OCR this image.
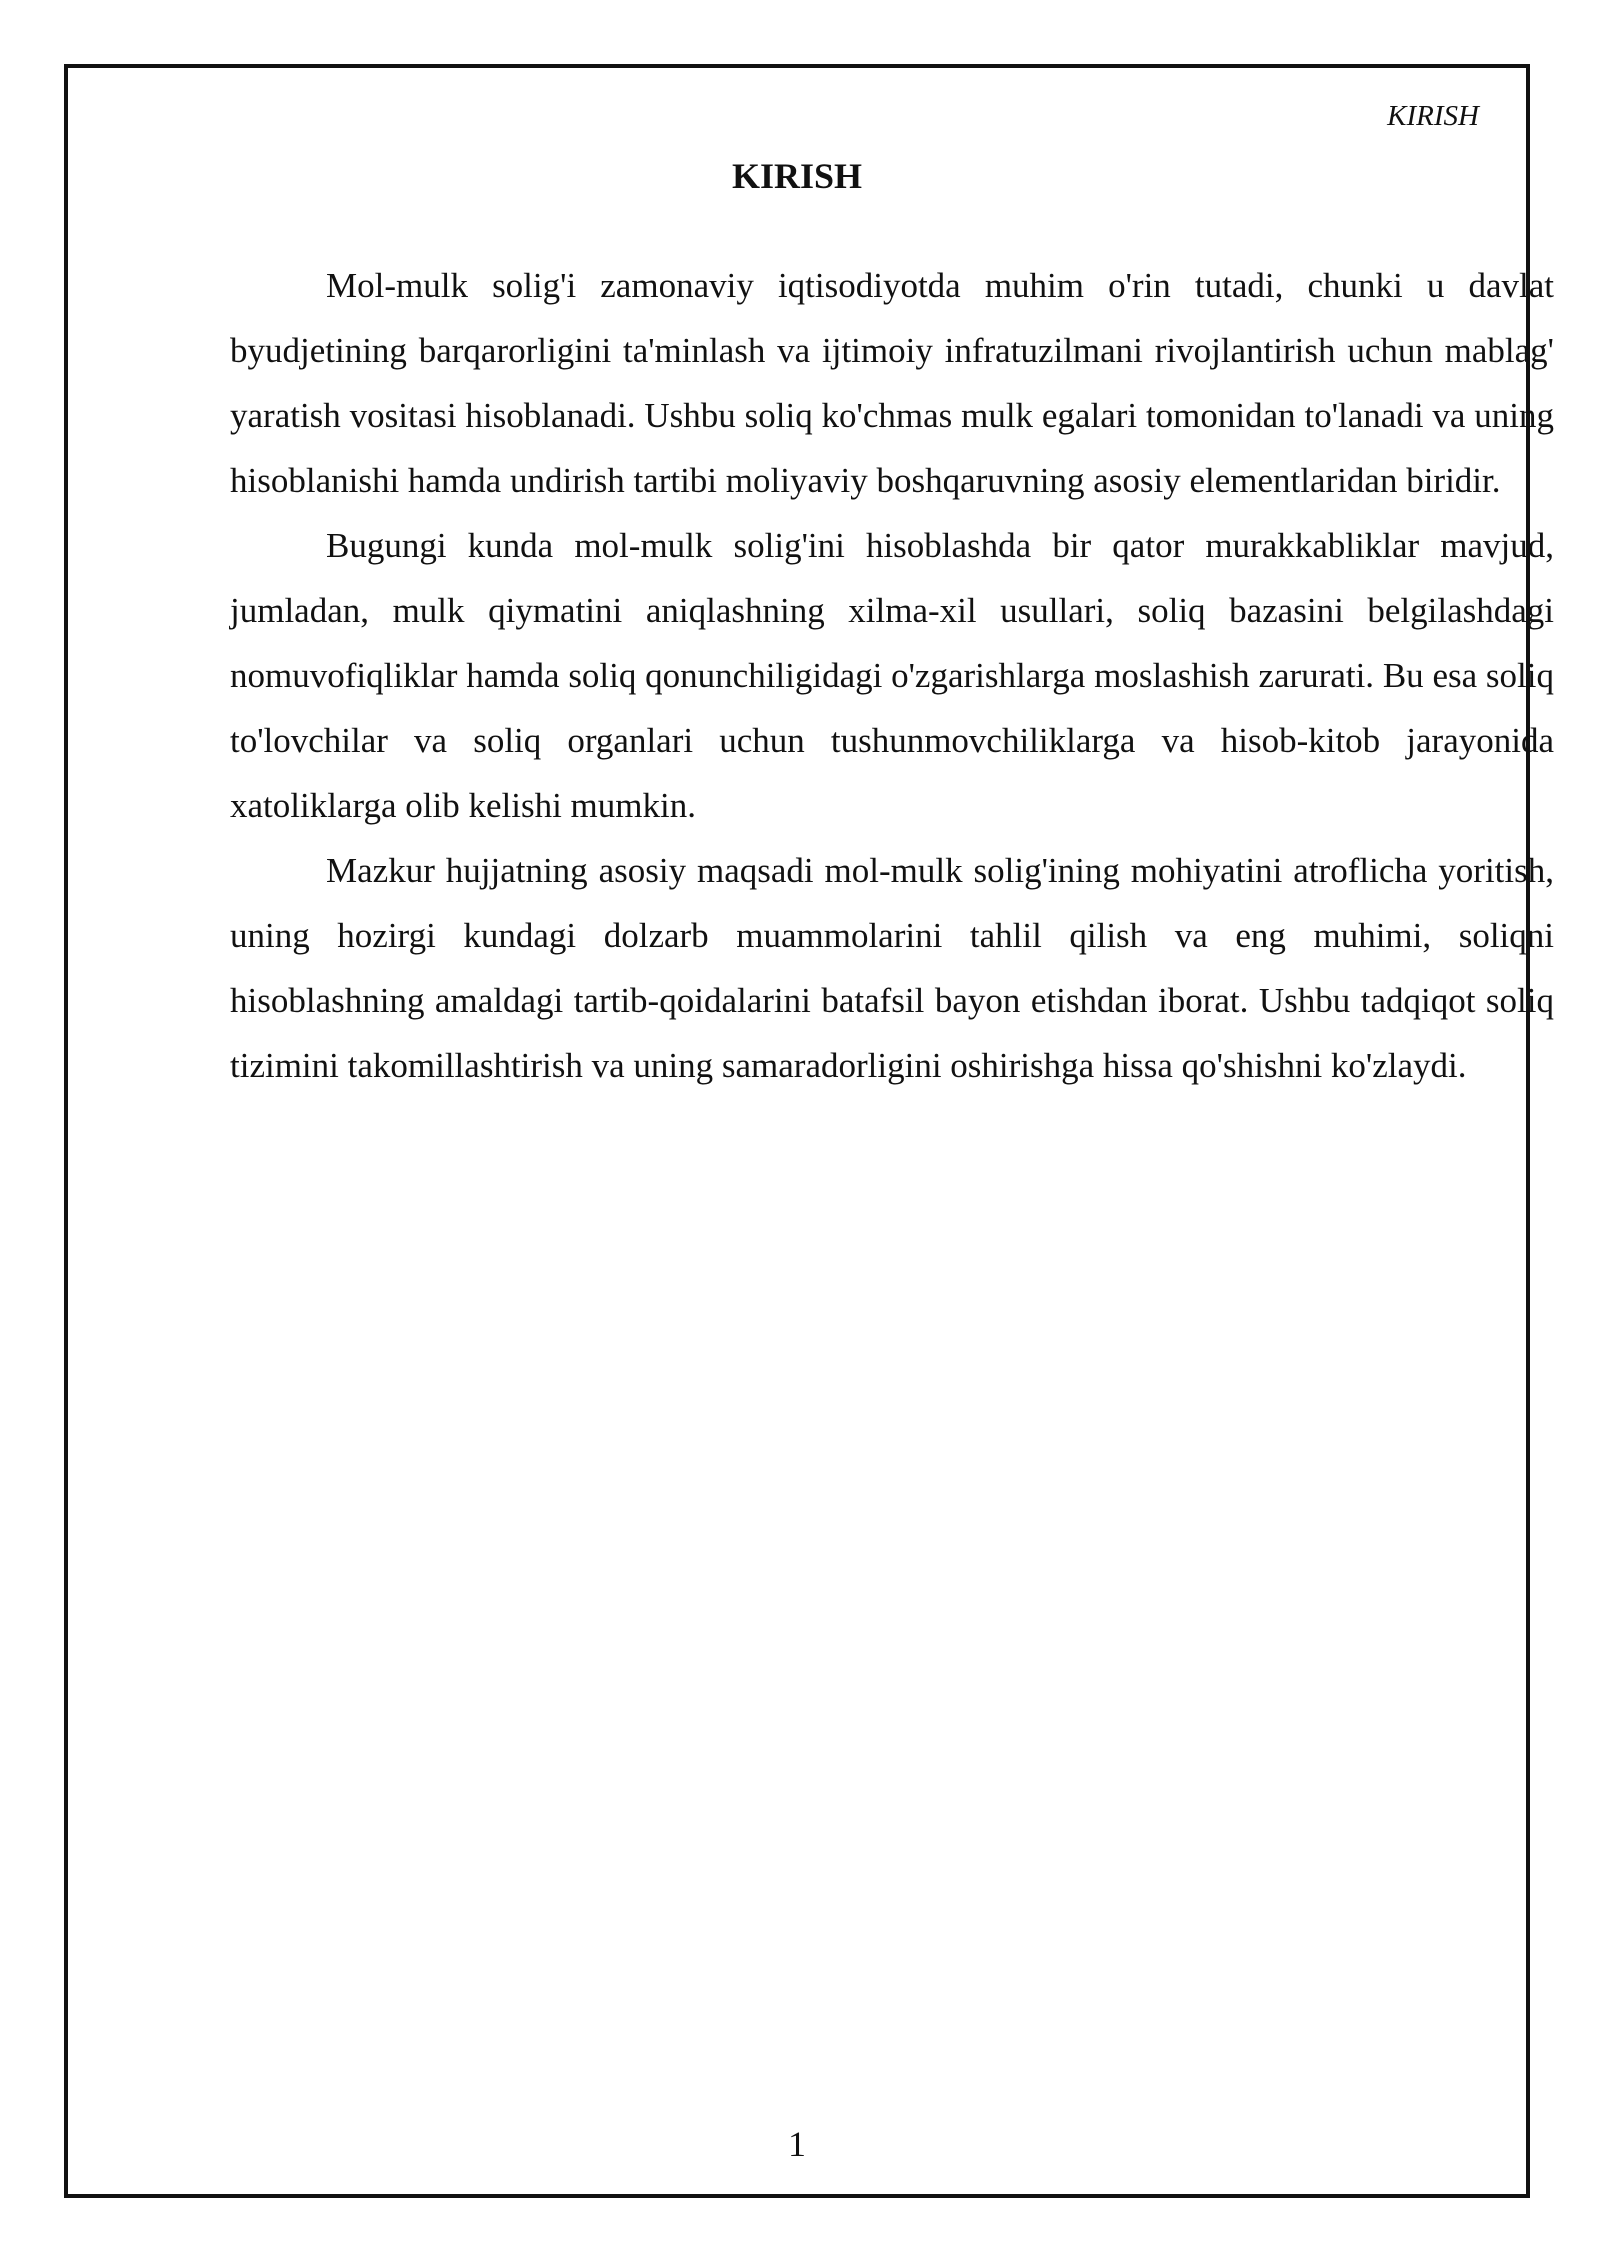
KIRISH
KIRISH

Mol-mulk solig'i zamonaviy iqtisodiyotda muhim o'rin tutadi, chunki u davlat byudjetining barqarorligini ta'minlash va ijtimoiy infratuzilmani rivojlantirish uchun mablag' yaratish vositasi hisoblanadi. Ushbu soliq ko'chmas mulk egalari tomonidan to'lanadi va uning hisoblanishi hamda undirish tartibi moliyaviy boshqaruvning asosiy elementlaridan biridir.

Bugungi kunda mol-mulk solig'ini hisoblashda bir qator murakkabliklar mavjud, jumladan, mulk qiymatini aniqlashning xilma-xil usullari, soliq bazasini belgilashdagi nomuvofiqliklar hamda soliq qonunchiligidagi o'zgarishlarga moslashish zarurati. Bu esa soliq to'lovchilar va soliq organlari uchun tushunmovchiliklarga va hisob-kitob jarayonida xatoliklarga olib kelishi mumkin.

Mazkur hujjatning asosiy maqsadi mol-mulk solig'ining mohiyatini atroflicha yoritish, uning hozirgi kundagi dolzarb muammolarini tahlil qilish va eng muhimi, soliqni hisoblashning amaldagi tartib-qoidalarini batafsil bayon etishdan iborat. Ushbu tadqiqot soliq tizimini takomillashtirish va uning samaradorligini oshirishga hissa qo'shishni ko'zlaydi.

1
